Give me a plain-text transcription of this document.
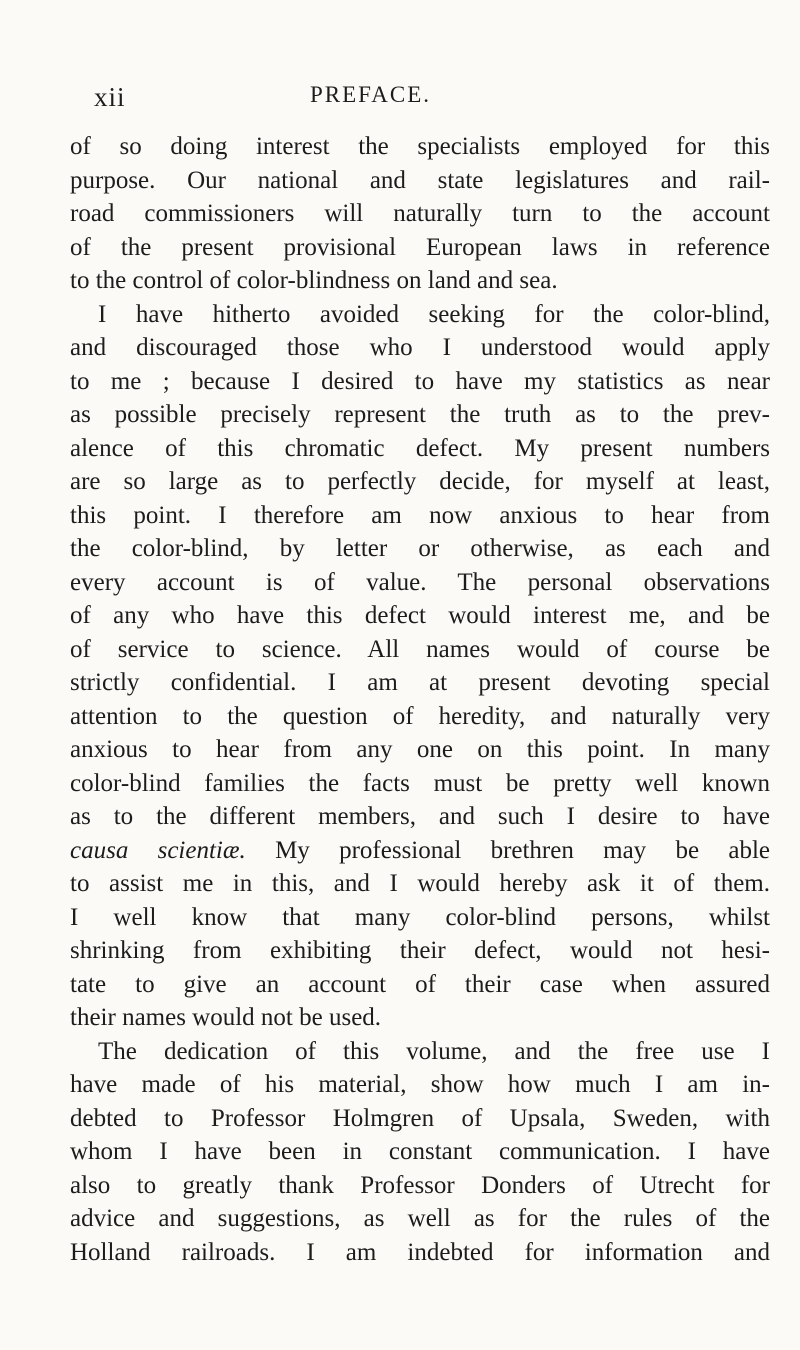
xii	PREFACE.
of so doing interest the specialists employed for this
purpose. Our national and state legislatures and rail-
road commissioners will naturally turn to the account
of the present provisional European laws in reference
to the control of color-blindness on land and sea.
I have hitherto avoided seeking for the color-blind,
and discouraged those who I understood would apply
to me ; because I desired to have my statistics as near
as possible precisely represent the truth as to the prev-
alence of this chromatic defect. My present numbers
are so large as to perfectly decide, for myself at least,
this point. I therefore am now anxious to hear from
the color-blind, by letter or otherwise, as each and
every account is of value. The personal observations
of any who have this defect would interest me, and be
of service to science. All names would of course be
strictly confidential. I am at present devoting special
attention to the question of heredity, and naturally very
anxious to hear from any one on this point. In many
color-blind families the facts must be pretty well known
as to the different members, and such I desire to have
causa scientiæ. My professional brethren may be able
to assist me in this, and I would hereby ask it of them.
I well know that many color-blind persons, whilst
shrinking from exhibiting their defect, would not hesi-
tate to give an account of their case when assured
their names would not be used.
The dedication of this volume, and the free use I
have made of his material, show how much I am in-
debted to Professor Holmgren of Upsala, Sweden, with
whom I have been in constant communication. I have
also to greatly thank Professor Donders of Utrecht for
advice and suggestions, as well as for the rules of the
Holland railroads. I am indebted for information and
